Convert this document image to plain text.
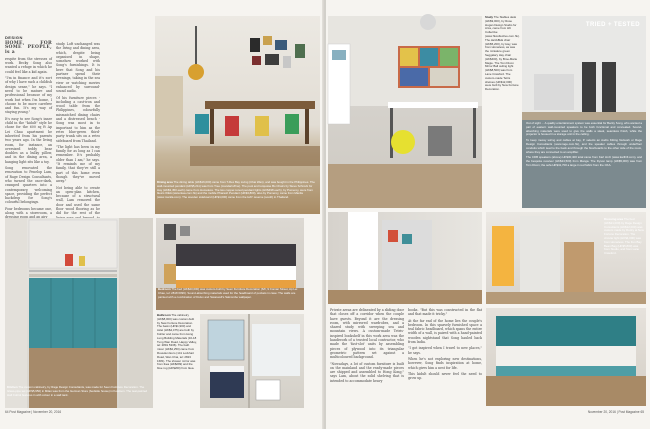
DESIGN

HOME, FOR SOME PEOPLE, is a

respite from the stresses of work. Becky Song also wanted a refuge in which he could feel like a kid again.

"I'm in finance and it's sort of why I have such a childish design sense," he says. "I need to be mature and professional because of my work but when I'm home, I choose to be more carefree and fun. It's my way of staying young."

It's easy to see Song's inner child in the "kidult" style he chose for the 600 sq ft Ap Lei Chau apartment he inherited from his parents two years ago. In the living room, for instance, an oversized teddy bear doubles as a bulky pillow, and in the dining area, a hanging light sits like a toy.

Song renovated the renovation to Penelop Lam, of Rage Design Consultants, who turned the once-dark, cramped quarters into a contemporary, welcoming space, providing the perfect backdrop for Song's colourful belongings.

Four bedrooms became one, along with a storeroom, a

study. Loft unchanged was the living and dining area, which, despite being organised in shape, somehow worked with Song's furnishings. It is here that Song and his partner spend their evenings, taking in the sea view or watching movies enhanced by surround-sound audio.

Of his furniture pieces - including a cast-iron and wood table from the Philippines, colourfully mismatched dining chairs and a distressed bench - Song was most in to important to him as the retro blue-green third-party trunk sits on a retro sideboard from Thailand.

"The light has been in my family for as long as I can remember. It's probably older than I am," he says. "It reminds me of my family, that they've still a part of this home even though they've moved away."

Not being able to create an open-plan kitchen, because of a structural wall, Lam removed the door and used the same floor wood flooring as he did for the rest of the

Dining area The dining table (HK$16,000) came from T-Rex Bay Living (Chai Wan), and was bought in the Philippines. The wall-mounted pendant (HK$5,211) was from Tree (mandarin/fine). The pool and turquoise Bo Chairs by Steve Schrock for Hay (HK$3,450 each) came from Homeless. The two copper-toned pendant lights (HK$498 each), by Pomeroy, were from Ikea's IKEA (www.ikea.com.hk) and the mobile Pharaoh Pendant (HK$3,800), also by Pomeroy, came from Manila (www.manila.com). The wooden sideboard (HK$4,000) came from the HAY reserve (south) in Thailand.
Kitchen The custom cabinetry, by Rage Design Consultants, was made for Seen Furniture Decoration. The Glass-pipe set (HK$5,950) in Milan was from the German Store (bedside house) in Kowloon. The teal-painted Hall Coltrol features in with colour in a wall tank.
Bedroom The bed (HK$23,000) was custom-built by Seen Furniture Decoration (6/F, 9 Coman Street, Ap Lei Chau, tel: 2818 6096). Sound-absorbing materials used for the headboard of pockets in case: The walls are painted with a combination of Dulux and Swanwell's Salcombe wallpaper.
Bathroom The cabinetry (HK$8,000) was custom-built by New Fortune Decoration. The basin (HK$1,900) and toilet (HK$4,475) are both by Kohler and came from Hong Lung Building Materials (16-18 Tung Wan Road, Happy Valley, tel: 2891 5336). The bath mixer (HK$2,250) came from Rousden Euro (141 Lockhart Road, Wan Chai, tel: 2823 1681). The shower mirror was from Ikea (HK$299) and the blue rug (HK$200) from Ikea.
64 Post Magazine | November 20, 2016
Study The Stables desk (HK$9,000), by Rose Hogan Design Studio for Arca, came from HK Collective (www.hkcollective.com.hk). The dartABLE chair (HK$5,200), by Hay, was from Homeless, as was the miniature green Seggalary Hay chair (HK$400), by Broe-Marie Magie. The Tom Dixon Mirror Ball ceiling light (HK$8,500) was from Lane Crawford. The custom-made Tetris shelves (HK$12,000) were built by New Fortune Decoration.
TRIED + TESTED

Out of sight ... A quality entertainment system was essential for Becky Song, who wanted a pair of eastern wall-mounted speakers to be both functional and concealed. Sound-absorbing materials were used to give the walls a sleek, seamless finish, while the projector is housed in a storage unit in the ceiling.

To keep messy wiring and cables at bay, P. selects an Audio Kitting Network or Rage Design Consultants (www.rage.com.hk), and the speaker cables through underfloor conduits which lead to the back and through the floorboards to the other side of the room, where they are connected to an amplifier.

The CDB speakers (above) HK$30,400 total came from Karl Hi-Fi (www.karlhifi.com), and the bespoke receiver (HK$24,500) from Manga. The Dyson lamp (HK$5,000) was from Tom Dixon; the sofa HK$41,700 a large in red fabric from the CKA.

Dressing area The bed (HK$21,000) by Rage Design Consultants (HK$12,000) was custom made by Rocky at New Fortune Decoration. The circular light (HK$4,000) was from Homeless. The Fun Bay Bean Bag (HK$5,800) was from Studio, and from Lane Crawford.

Private areas are delineated by a sliding door that closes off a corridor when the couple have guests. Beyond it are the dressing room, with mirrored wardrobes, and a shared study with sweeping sea and mountain views. A custom-made Tetris-inspired bookshelf in this work area was the handiwork of a trusted local contractor, who made the 'fast-slot' units by assembling pieces of plywood into its triangular geometric pattern set against a multicoloured background.

"Nowadays, a lot of custom furniture is built on the mainland and the ready-made pieces are shipped and assembled to Hong Kong," says Lam, about the solid shelving that is intended to accommodate heavy

books. "But this was constructed in the flat and that made it tricky."

At the far end of the home lies the couple's bedroom. In this sparsely furnished space a teal fabric headboard, which spans the entire width of a wall, is paired with a hand-painted wooden nightstand that Song hauled back from India.

"I got inspired when I travel to new places," he says.

When he's not exploring new destinations, however, Song finds inspiration at home, which gives him a nest for life.

This kidult should never feel the need to grow up.

November 20, 2016 | Post Magazine 65
